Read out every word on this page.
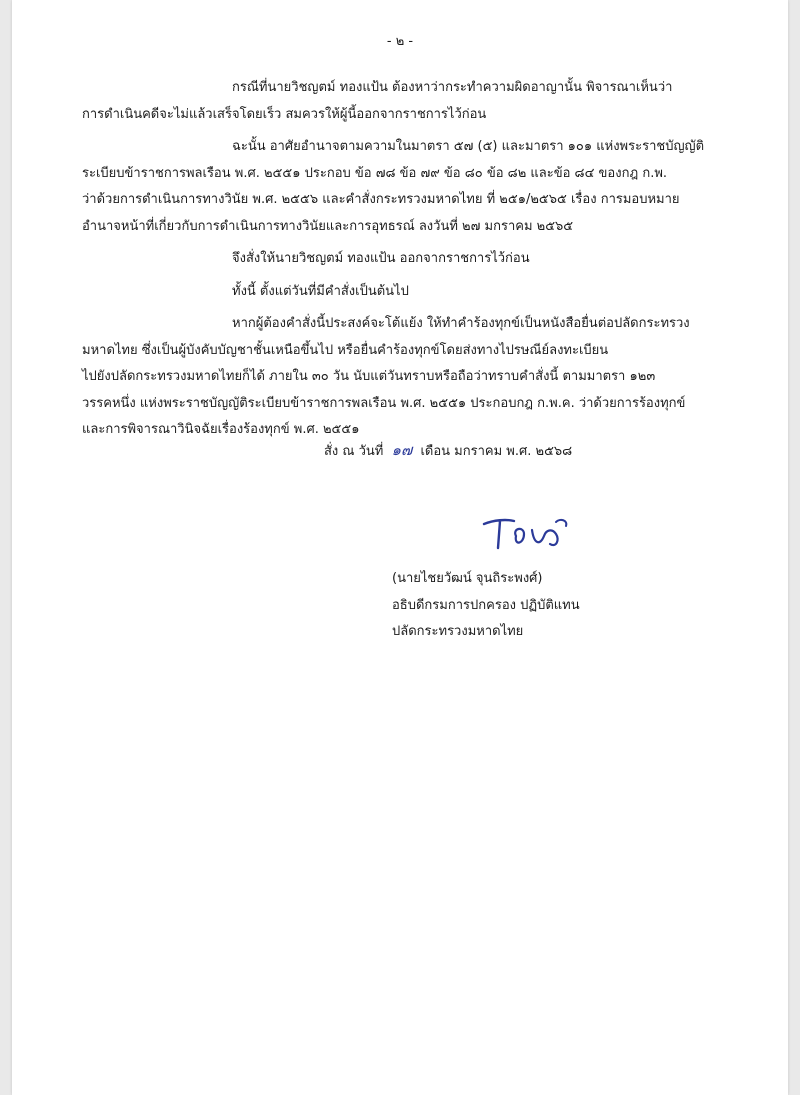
- ๒ -
กรณีที่นายวิชญตม์ ทองแป้น ต้องหาว่ากระทำความผิดอาญานั้น พิจารณาเห็นว่า
การดำเนินคดีจะไม่แล้วเสร็จโดยเร็ว สมควรให้ผู้นี้ออกจากราชการไว้ก่อน
ฉะนั้น อาศัยอำนาจตามความในมาตรา ๕๗ (๕) และมาตรา ๑๐๑ แห่งพระราชบัญญัติ
ระเบียบข้าราชการพลเรือน พ.ศ. ๒๕๕๑ ประกอบ ข้อ ๗๘ ข้อ ๗๙ ข้อ ๘๐ ข้อ ๘๒ และข้อ ๘๔ ของกฎ ก.พ.
ว่าด้วยการดำเนินการทางวินัย พ.ศ. ๒๕๕๖ และคำสั่งกระทรวงมหาดไทย ที่ ๒๕๑/๒๕๖๕ เรื่อง การมอบหมาย
อำนาจหน้าที่เกี่ยวกับการดำเนินการทางวินัยและการอุทธรณ์ ลงวันที่ ๒๗ มกราคม ๒๕๖๕
จึงสั่งให้นายวิชญตม์ ทองแป้น ออกจากราชการไว้ก่อน
ทั้งนี้ ตั้งแต่วันที่มีคำสั่งเป็นต้นไป
หากผู้ต้องคำสั่งนี้ประสงค์จะโต้แย้ง ให้ทำคำร้องทุกข์เป็นหนังสือยื่นต่อปลัดกระทรวง
มหาดไทย ซึ่งเป็นผู้บังคับบัญชาชั้นเหนือขึ้นไป หรือยื่นคำร้องทุกข์โดยส่งทางไปรษณีย์ลงทะเบียน
ไปยังปลัดกระทรวงมหาดไทยก็ได้ ภายใน ๓๐ วัน นับแต่วันทราบหรือถือว่าทราบคำสั่งนี้ ตามมาตรา ๑๒๓
วรรคหนึ่ง แห่งพระราชบัญญัติระเบียบข้าราชการพลเรือน พ.ศ. ๒๕๕๑ ประกอบกฎ ก.พ.ค. ว่าด้วยการร้องทุกข์
และการพิจารณาวินิจฉัยเรื่องร้องทุกข์ พ.ศ. ๒๕๕๑
สั่ง ณ วันที่ ๑๗ เดือน มกราคม พ.ศ. ๒๕๖๘
(นายไชยวัฒน์ จุนถิระพงศ์)
อธิบดีกรมการปกครอง ปฏิบัติแทน
ปลัดกระทรวงมหาดไทย
